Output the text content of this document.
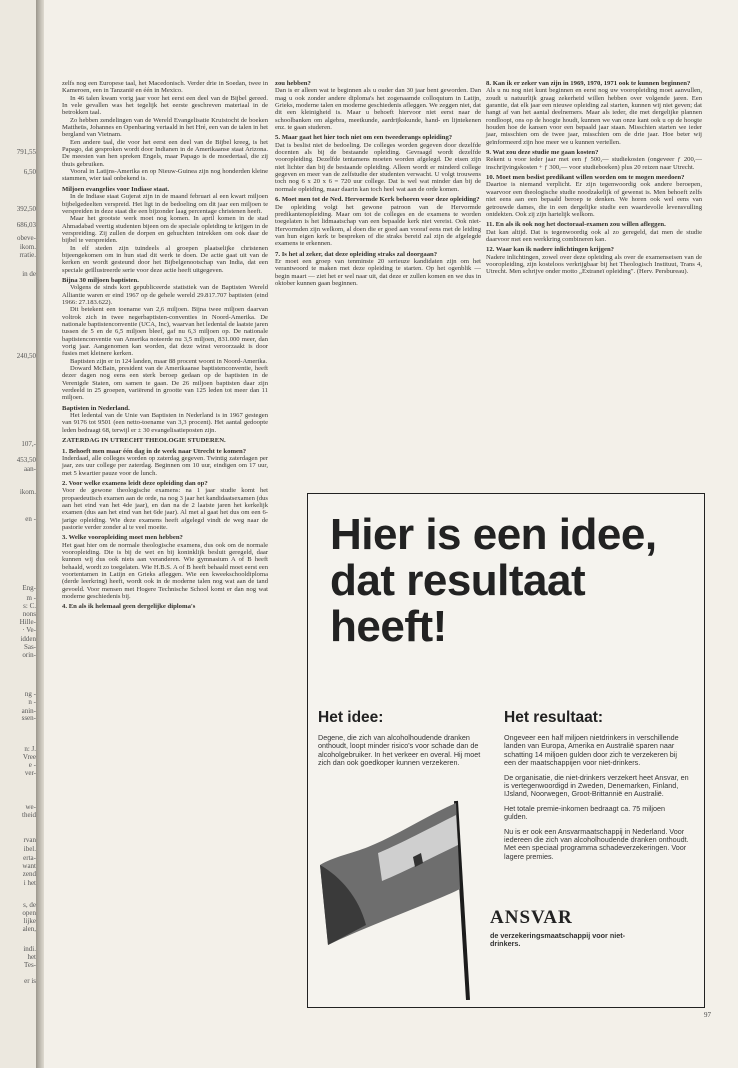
791,55
6,50
392,50
686,03
obeve-
ikom.
rratie.
in de
240,50
107,-
453,50
aan-
ikom.
en -
Eng-
m -
s: C.
nons
Hille-
· Ve-
idden
Sas-
orin-
ng -
n -
anin-
ssen-
n: J.
Vree
e -
ver-
we-
theid
rvan
ibel.
erta-
want
zend
i het
s, de
open
lijke
alen,
indi.
het
Tes-
er is

zelfs nog een Europese taal, het Macedonisch. Verder drie in Soedan, twee in Kameroen, een in Tanzanië en één in Mexico.

In 46 talen kwam vorig jaar voor het eerst een deel van de Bijbel gereed. In vele gevallen was het tegelijk het eerste geschreven materiaal in de betrokken taal.

Zo hebben zendelingen van de Wereld Evangelisatie Kruistocht de boeken Mattheüs, Johannes en Openbaring vertaald in het Hré, een van de talen in het bergland van Vietnam.

Een andere taal, die voor het eerst een deel van de Bijbel kreeg, is het Papago, dat gesproken wordt door Indianen in de Amerikaanse staat Arizona. De meesten van hen spreken Engels, maar Papago is de moedertaal, die zij thuis gebruiken.

Vooral in Latijns-Amerika en op Nieuw-Guinea zijn nog honderden kleine stammen, wier taal onbekend is.

Miljoen evangelies voor Indiase staat.

In de Indiase staat Gujerat zijn in de maand februari al een kwart miljoen bijbelgedeelten verspreid. Het ligt in de bedoeling om dit jaar een miljoen te verspreiden in deze staat die een bijzonder laag percentage christenen heeft.

Maar het grootste werk moet nog komen. In april komen in de stad Ahmadabad veertig studenten bijeen om de speciale opleiding te krijgen in de verspreiding. Zij zullen de dorpen en gehuchten intrekken om ook daar de bijbel te verspreiden.

In elf steden zijn tuindeels al groepen plaatselijke christenen bijeengekomen om in hun stad dit werk te doen. De actie gaat uit van de kerken en wordt gesteund door het Bijbelgenootschap van India, dat een speciale geïllustreerde serie voor deze actie heeft uitgegeven.

Bijna 30 miljoen baptisten.

Volgens de sinds kort gepubliceerde statistiek van de Baptisten Wereld Alliantie waren er eind 1967 op de gehele wereld 29.817.707 baptisten (eind 1966: 27.183.622).

Dit betekent een toename van 2,6 miljoen. Bijna twee miljoen daarvan voltrok zich in twee negerbaptisten-conventies in Noord-Amerika. De nationale baptistenconventie (UCA, Inc), waarvan het ledental de laatste jaren tussen de 5 en de 6,5 miljoen bleef, gaf nu 6,3 miljoen op. De nationale baptistenconventie van Amerika noteerde nu 3,5 miljoen, 831.000 meer, dan vorig jaar. Aangenomen kan worden, dat deze winst veroorzaakt is door fusies met kleinere kerken.

Baptisten zijn er in 124 landen, maar 88 procent woont in Noord-Amerika.

Doward McBain, president van de Amerikaanse baptistenconventie, heeft dezer dagen nog eens een sterk beroep gedaan op de baptisten in de Verenigde Staten, om samen te gaan. De 26 miljoen baptisten daar zijn verdeeld in 25 groepen, variërend in grootte van 125 leden tot meer dan 11 miljoen.

Baptisten in Nederland.

Het ledental van de Unie van Baptisten in Nederland is in 1967 gestegen van 9176 tot 9501 (een netto-toename van 3,3 procent). Het aantal gedoopte leden bedraagt 68, terwijl er ± 30 evangelisatieposten zijn.

ZATERDAG IN UTRECHT THEOLOGIE STUDEREN.
1. Behoeft men maar één dag in de week naar Utrecht te komen?

Inderdaad, alle colleges worden op zaterdag gegeven. Twintig zaterdagen per jaar, zes uur college per zaterdag. Beginnen om 10 uur, eindigen om 17 uur, met 5 kwartier pauze voor de lunch.

2. Voor welke examens leidt deze opleiding dan op?

Voor de gewone theologische examens: na 1 jaar studie komt het propaedeutisch examen aan de orde, na nog 3 jaar het kandidaatsexamen (dus aan het eind van het 4de jaar), en dan na de 2 laatste jaren het kerkelijk examen (dus aan het eind van het 6de jaar). Al met al gaat het dus om een 6-jarige opleiding. Wie deze examens heeft afgelegd vindt de weg naar de pastorie verder zonder al te veel moeite.

3. Welke vooropleiding moet men hebben?

Het gaat hier om de normale theologische examens, dus ook om de normale vooropleiding. Die is bij de wet en bij koninklijk besluit geregeld, daar kunnen wij dus ook niets aan veranderen. Wie gymnasium A of B heeft behaald, wordt zo toegelaten. Wie H.B.S. A of B heeft behaald moet eerst een voortentamen in Latijn en Grieks afleggen. Wie een kweekschooldiploma (derde leerkring) heeft, wordt ook in de moderne talen nog wat aan de tand gevoeld. Voor mensen met Hogere Technische School komt er dan nog wat moderne geschiedenis bij.

4. En als ik helemaal geen dergelijke diploma's
zou hebben?

Dan is er alleen wat te beginnen als u ouder dan 30 jaar bent geworden. Dan mag u ook zonder andere diploma's het zogenaamde colloquium in Latijn, Grieks, moderne talen en moderne geschiedenis afleggen. We zeggen niet, dat dit een kleinigheid is. Maar u behoeft hiervoor niet eerst naar de schoolbanken om algebra, meetkunde, aardrijkskunde, hand- en lijntekenen enz. te gaan studeren.

5. Maar gaat het hier toch niet om een tweederangs opleiding?

Dat is beslist niet de bedoeling. De colleges worden gegeven door dezelfde docenten als bij de bestaande opleiding. Gevraagd wordt dezelfde vooropleiding. Dezelfde tentamens moeten worden afgelegd. De eisen zijn niet lichter dan bij de bestaande opleiding. Alleen wordt er minderd college gegeven en meer van de zelfstudie der studenten verwacht. U volgt trouwens toch nog 6 x 20 x 6 = 720 uur college. Dat is wel wat minder dan bij de normale opleiding, maar daarin kan toch heel wat aan de orde komen.

6. Moet men tot de Ned. Hervormde Kerk behoren voor deze opleiding?

De opleiding volgt het gewone patroon van de Hervormde predikantenopleiding. Maar om tot de colleges en de examens te worden toegelaten is het lidmaatschap van een bepaalde kerk niet vereist. Ook niet-Hervormden zijn welkom, al doen die er goed aan vooraf eens met de leiding van hun eigen kerk te bespreken of die straks bereid zal zijn de afgelegde examens te erkennen.

7. Is het al zeker, dat deze opleiding straks zal doorgaan?

Er moet een groep van tenminste 20 serieuze kandidaten zijn om het verantwoord te maken met deze opleiding te starten. Op het ogenblik — begin maart — ziet het er wel naar uit, dat deze er zullen komen en we dus in oktober kunnen gaan beginnen.

8. Kan ik er zeker van zijn in 1969, 1970, 1971 ook te kunnen beginnen?

Als u nu nog niet kunt beginnen en eerst nog uw vooropleiding moet aanvullen, zoudt u natuurlijk graag zekerheid willen hebben over volgende jaren. Een garantie, dat elk jaar een nieuwe opleiding zal starten, kunnen wij niet geven; dat hangt af van het aantal deelnemers. Maar als ieder, die met dergelijke plannen rondloopt, ons op de hoogte houdt, kunnen we van onze kant ook u op de hoogte houden hoe de kansen voor een bepaald jaar staan. Misschien starten we ieder jaar, misschien om de twee jaar, misschien om de drie jaar. Hoe beter wij geïnformeerd zijn hoe meer we u kunnen vertellen.

9. Wat zou deze studie me gaan kosten?

Rekent u voor ieder jaar met een ƒ 500,— studiekosten (ongeveer ƒ 200,— inschrijvingskosten + ƒ 300,— voor studieboeken) plus 20 reizen naar Utrecht.

10. Moet men beslist predikant willen worden om te mogen meedoen?

Daartoe is niemand verplicht. Er zijn tegenwoordig ook andere beroepen, waarvoor een theologische studie noodzakelijk of gewenst is. Men behoeft zelfs niet eens aan een bepaald beroep te denken. We horen ook wel eens van getrouwde dames, die in een dergelijke studie een waardevolle levensvulling ontdekten. Ook zij zijn hartelijk welkom.

11. En als ik ook nog het doctoraal-examen zou willen afleggen.

Dat kan altijd. Dat is tegenwoordig ook al zo geregeld, dat men de studie daarvoor met een werkkring combineren kan.

12. Waar kan ik nadere inlichtingen krijgen?

Nadere inlichtingen, zowel over deze opleiding als over de examenseisen van de vooropleiding, zijn kosteloos verkrijgbaar bij het Theologisch Instituut, Trans 4, Utrecht. Men schrijve onder motto „Extraneï opleiding". (Herv. Persbureau).

Hier is een idee, dat resultaat heeft!
Het idee:

Degene, die zich van alcoholhoudende dranken onthoudt, loopt minder risico's voor schade dan de alcoholgebruiker. In het verkeer en overal. Hij moet zich dan ook goedkoper kunnen verzekeren.

Het resultaat:

Ongeveer een half miljoen nietdrinkers in verschillende landen van Europa, Amerika en Australië sparen naar schatting 14 miljoen gulden door zich te verzekeren bij een der maatschappijen voor niet-drinkers.

De organisatie, die niet-drinkers verzekert heet Ansvar, en is vertegenwoordigd in Zweden, Denemarken, Finland, IJsland, Noorwegen, Groot-Brittannië en Australië.

Het totale premie-inkomen bedraagt ca. 75 miljoen gulden.

Nu is er ook een Ansvarmaatschappij in Nederland. Voor iedereen die zich van alcoholhoudende dranken onthoudt. Met een speciaal programma schadeverzekeringen. Voor lagere premies.

ANSVAR
de verzekeringsmaatschappij voor niet-drinkers.
97
